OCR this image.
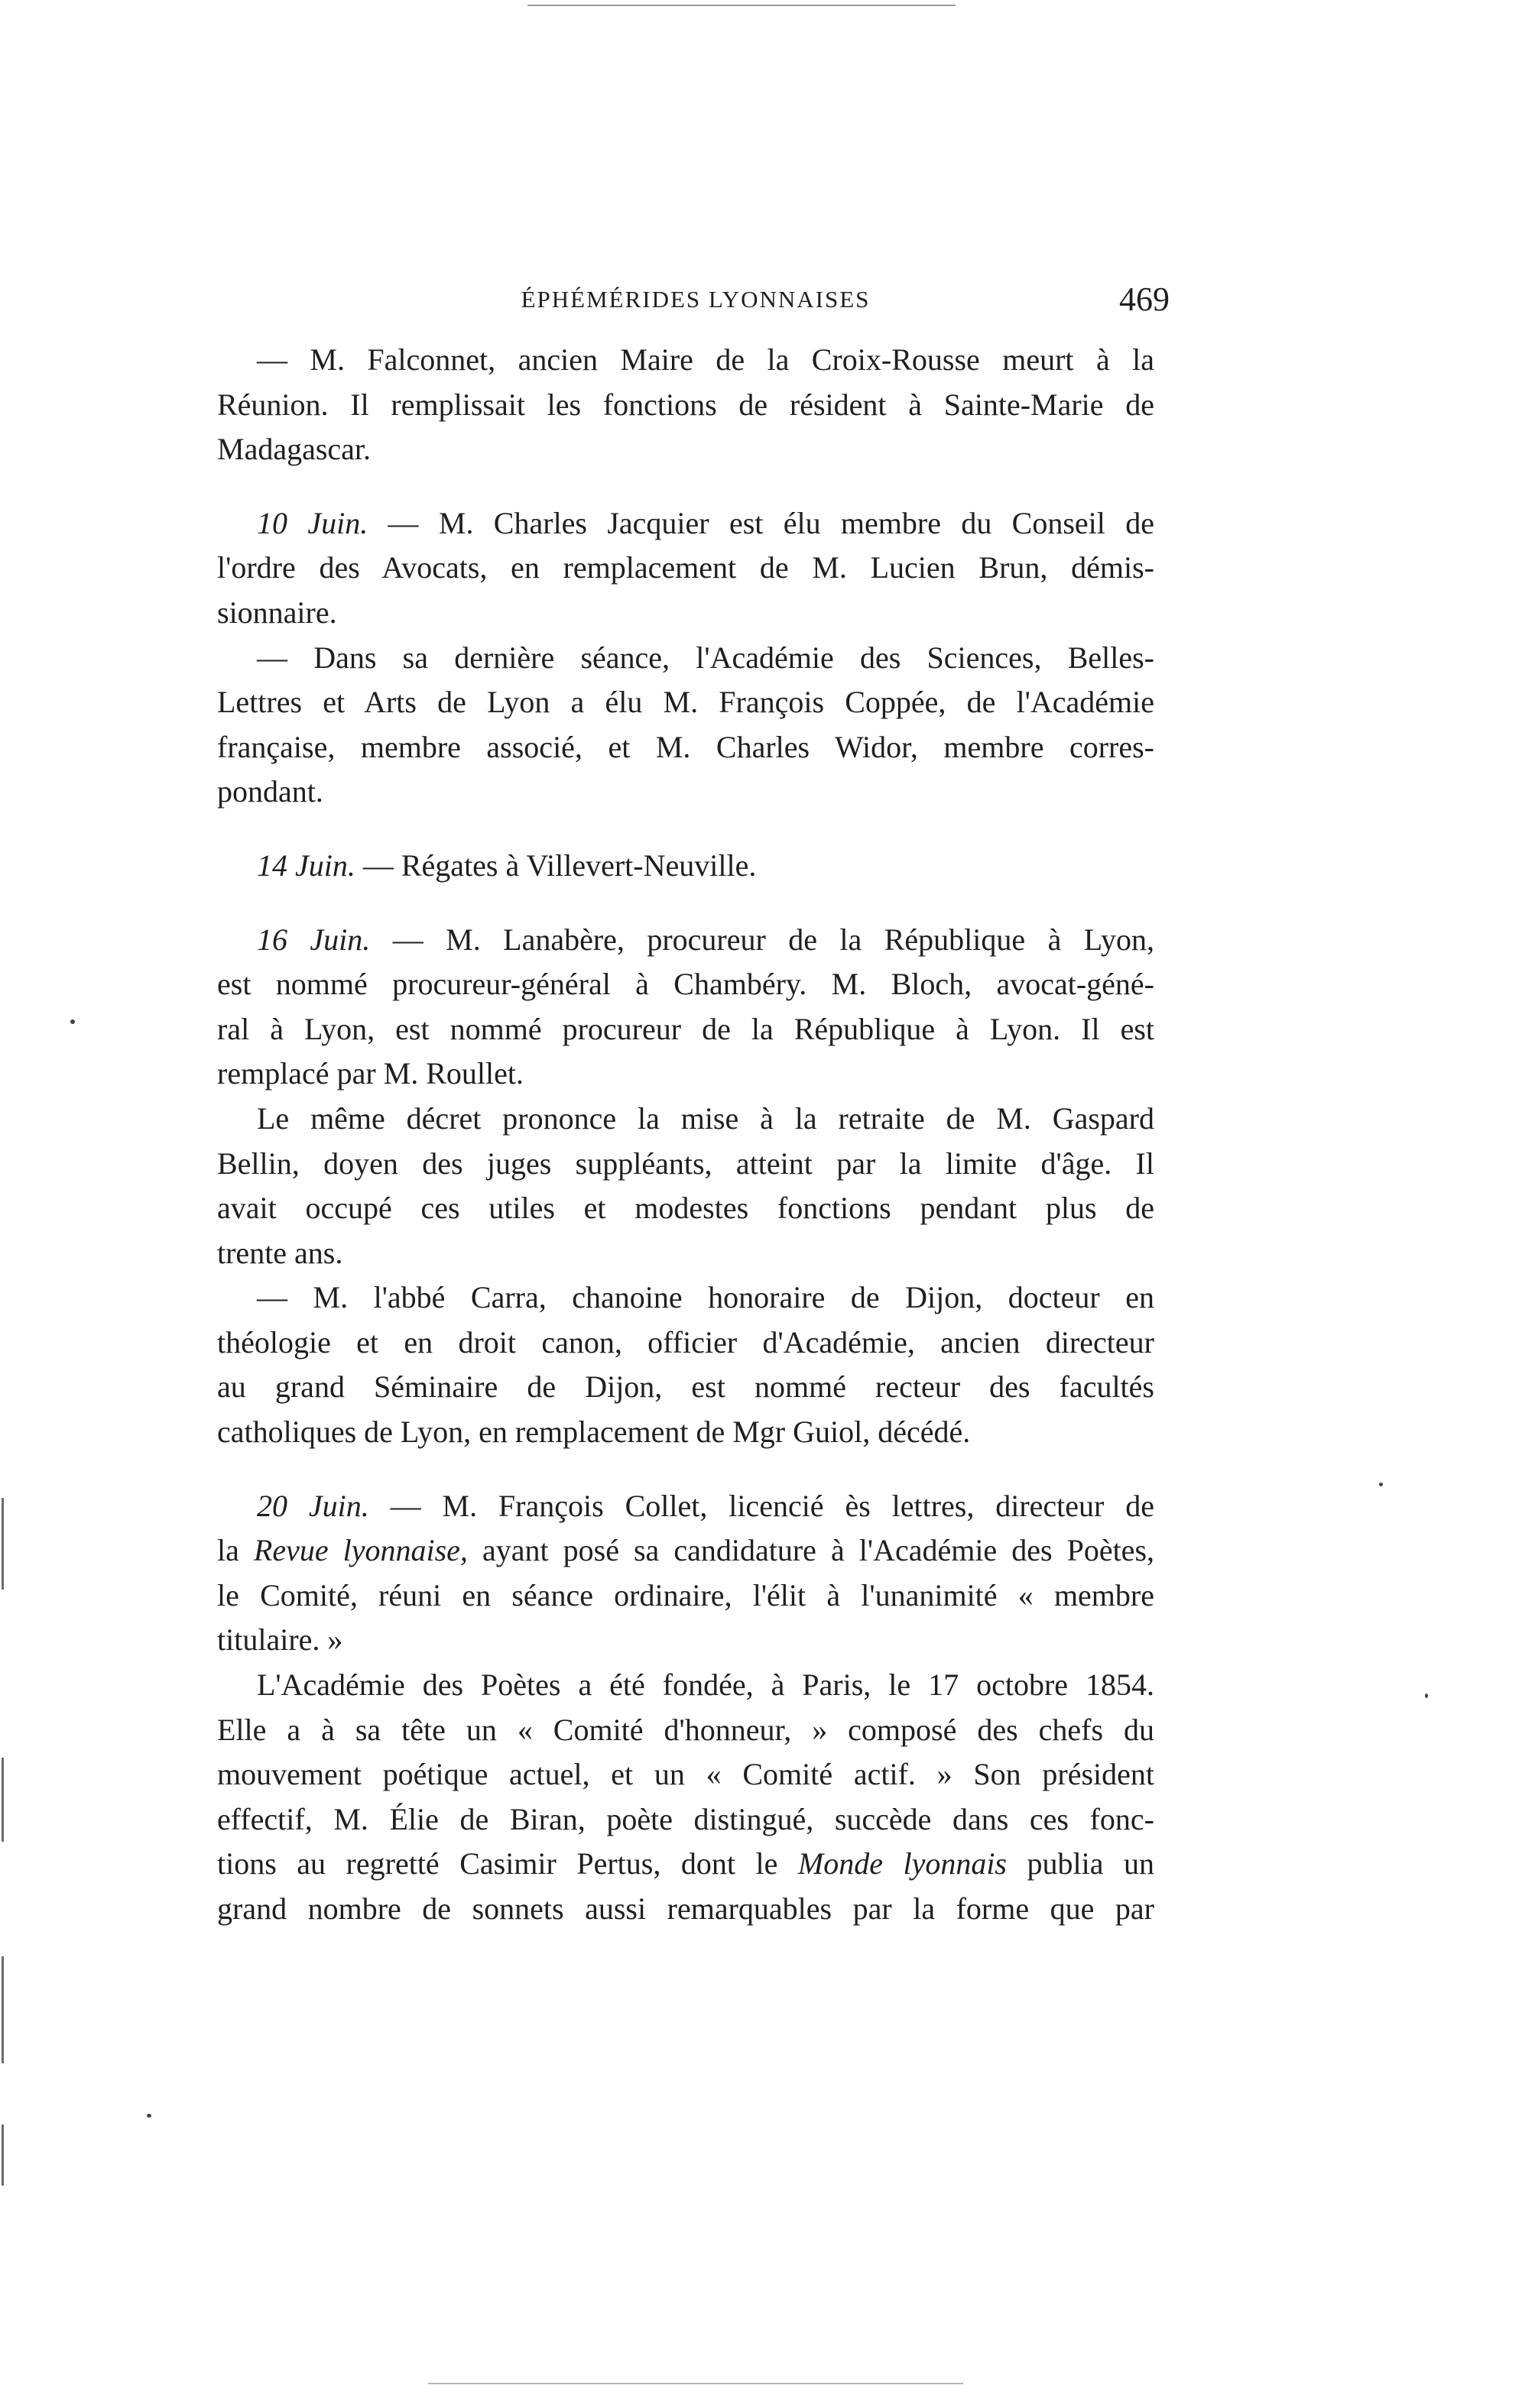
ÉPHÉMÉRIDES LYONNAISES	469

— M. Falconnet, ancien Maire de la Croix-Rousse meurt à la
Réunion. Il remplissait les fonctions de résident à Sainte-Marie de
Madagascar.

10 Juin. — M. Charles Jacquier est élu membre du Conseil de
l'ordre des Avocats, en remplacement de M. Lucien Brun, démis-
sionnaire.

— Dans sa dernière séance, l'Académie des Sciences, Belles-
Lettres et Arts de Lyon a élu M. François Coppée, de l'Académie
française, membre associé, et M. Charles Widor, membre corres-
pondant.

14 Juin. — Régates à Villevert-Neuville.

16 Juin. — M. Lanabère, procureur de la République à Lyon,
est nommé procureur-général à Chambéry. M. Bloch, avocat-géné-
ral à Lyon, est nommé procureur de la République à Lyon. Il est
remplacé par M. Roullet.

Le même décret prononce la mise à la retraite de M. Gaspard
Bellin, doyen des juges suppléants, atteint par la limite d'âge. Il
avait occupé ces utiles et modestes fonctions pendant plus de
trente ans.

— M. l'abbé Carra, chanoine honoraire de Dijon, docteur en
théologie et en droit canon, officier d'Académie, ancien directeur
au grand Séminaire de Dijon, est nommé recteur des facultés
catholiques de Lyon, en remplacement de Mgr Guiol, décédé.

20 Juin. — M. François Collet, licencié ès lettres, directeur de
la Revue lyonnaise, ayant posé sa candidature à l'Académie des Poètes,
le Comité, réuni en séance ordinaire, l'élit à l'unanimité « membre
titulaire. »

L'Académie des Poètes a été fondée, à Paris, le 17 octobre 1854.
Elle a à sa tête un « Comité d'honneur, » composé des chefs du
mouvement poétique actuel, et un « Comité actif. » Son président
effectif, M. Élie de Biran, poète distingué, succède dans ces fonc-
tions au regretté Casimir Pertus, dont le Monde lyonnais publia un
grand nombre de sonnets aussi remarquables par la forme que par
